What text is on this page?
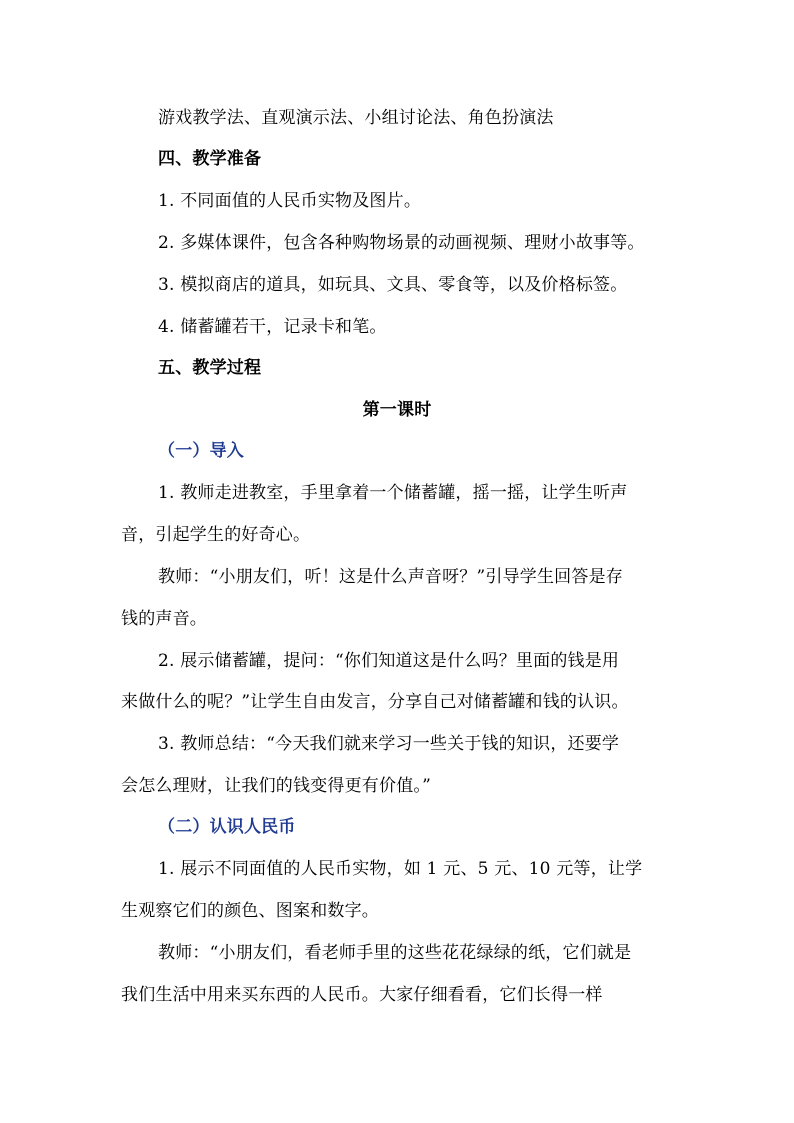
游戏教学法、直观演示法、小组讨论法、角色扮演法
四、教学准备
1. 不同面值的人民币实物及图片。
2. 多媒体课件，包含各种购物场景的动画视频、理财小故事等。
3. 模拟商店的道具，如玩具、文具、零食等，以及价格标签。
4. 储蓄罐若干，记录卡和笔。
五、教学过程
第一课时
（一）导入
1. 教师走进教室，手里拿着一个储蓄罐，摇一摇，让学生听声
音，引起学生的好奇心。
教师：“小朋友们，听！这是什么声音呀？”引导学生回答是存
钱的声音。
2. 展示储蓄罐，提问：“你们知道这是什么吗？里面的钱是用
来做什么的呢？”让学生自由发言，分享自己对储蓄罐和钱的认识。
3. 教师总结：“今天我们就来学习一些关于钱的知识，还要学
会怎么理财，让我们的钱变得更有价值。”
（二）认识人民币
1. 展示不同面值的人民币实物，如 1 元、5 元、10 元等，让学
生观察它们的颜色、图案和数字。
教师：“小朋友们，看老师手里的这些花花绿绿的纸，它们就是
我们生活中用来买东西的人民币。大家仔细看看，它们长得一样
